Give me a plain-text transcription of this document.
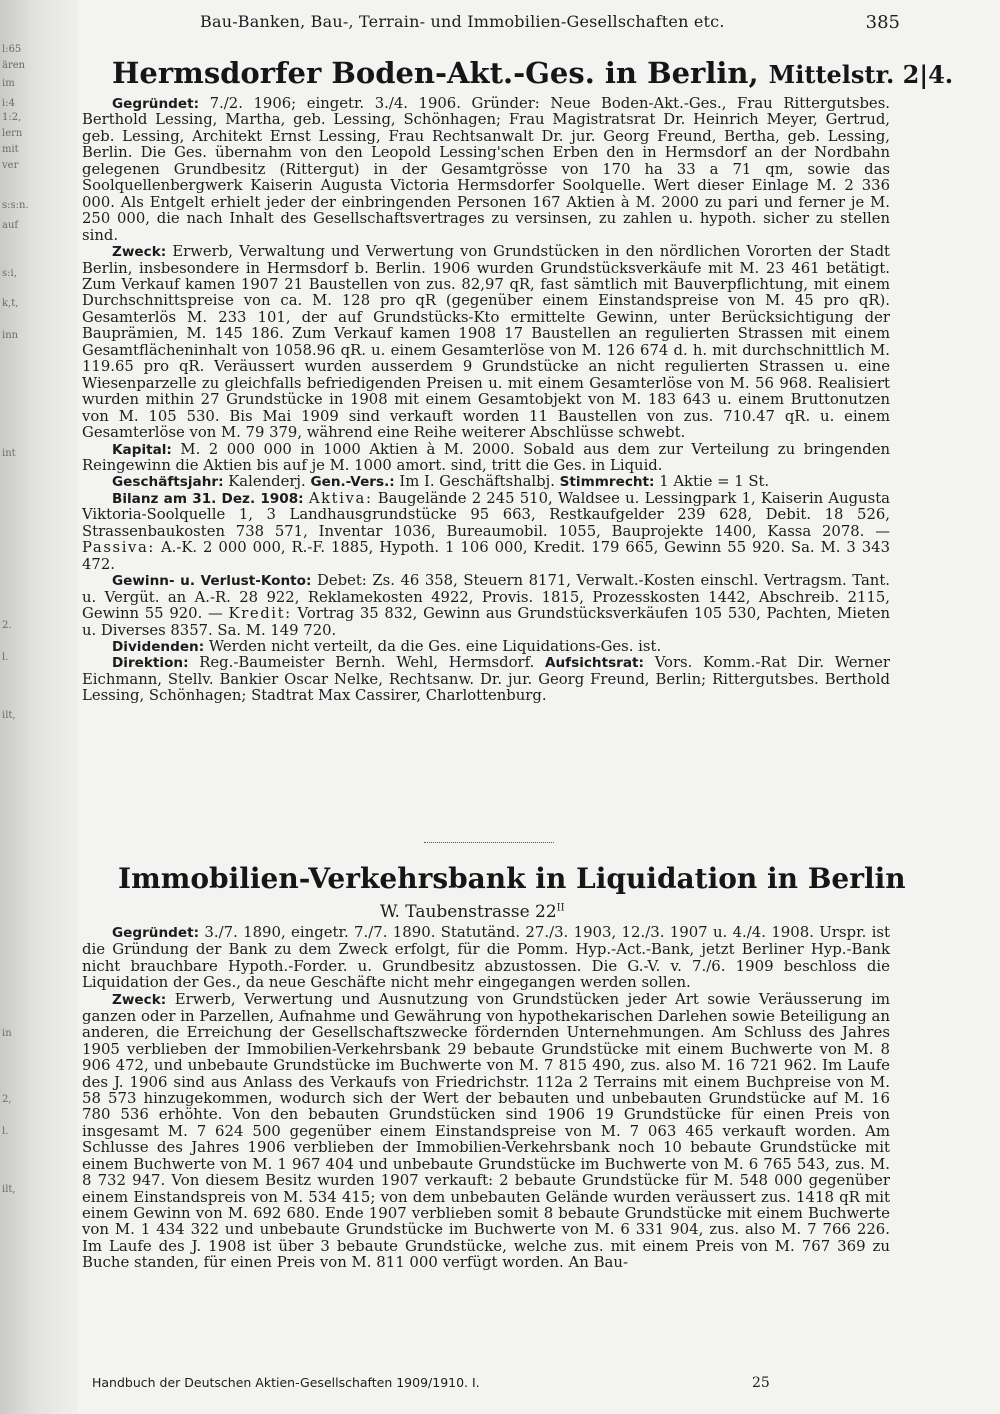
l:65
ären
im
i:4
1:2,
lern
mit
ver
s:s:n.
auf
s:i,
k,t,
inn
int
2.
l.
ilt,
in
2,
l.
ilt,
Bau-Banken, Bau-, Terrain- und Immobilien-Gesellschaften etc.	385
Hermsdorfer Boden-Akt.-Ges. in Berlin, Mittelstr. 2|4.

Gegründet: 7./2. 1906; eingetr. 3./4. 1906. Gründer: Neue Boden-Akt.-Ges., Frau Rittergutsbes. Berthold Lessing, Martha, geb. Lessing, Schönhagen; Frau Magistratsrat Dr. Heinrich Meyer, Gertrud, geb. Lessing, Architekt Ernst Lessing, Frau Rechtsanwalt Dr. jur. Georg Freund, Bertha, geb. Lessing, Berlin. Die Ges. übernahm von den Leopold Lessing'schen Erben den in Hermsdorf an der Nordbahn gelegenen Grundbesitz (Rittergut) in der Gesamtgrösse von 170 ha 33 a 71 qm, sowie das Soolquellenbergwerk Kaiserin Augusta Victoria Hermsdorfer Soolquelle. Wert dieser Einlage M. 2 336 000. Als Entgelt erhielt jeder der einbringenden Personen 167 Aktien à M. 2000 zu pari und ferner je M. 250 000, die nach Inhalt des Gesellschaftsvertrages zu versinsen, zu zahlen u. hypoth. sicher zu stellen sind.

Zweck: Erwerb, Verwaltung und Verwertung von Grundstücken in den nördlichen Vororten der Stadt Berlin, insbesondere in Hermsdorf b. Berlin. 1906 wurden Grundstücksverkäufe mit M. 23 461 betätigt. Zum Verkauf kamen 1907 21 Baustellen von zus. 82,97 qR, fast sämtlich mit Bauverpflichtung, mit einem Durchschnittspreise von ca. M. 128 pro qR (gegenüber einem Einstandspreise von M. 45 pro qR). Gesamterlös M. 233 101, der auf Grundstücks-Kto ermittelte Gewinn, unter Berücksichtigung der Bauprämien, M. 145 186. Zum Verkauf kamen 1908 17 Baustellen an regulierten Strassen mit einem Gesamtflächeninhalt von 1058.96 qR. u. einem Gesamterlöse von M. 126 674 d. h. mit durchschnittlich M. 119.65 pro qR. Veräussert wurden ausserdem 9 Grundstücke an nicht regulierten Strassen u. eine Wiesenparzelle zu gleichfalls befriedigenden Preisen u. mit einem Gesamterlöse von M. 56 968. Realisiert wurden mithin 27 Grundstücke in 1908 mit einem Gesamtobjekt von M. 183 643 u. einem Bruttonutzen von M. 105 530. Bis Mai 1909 sind verkauft worden 11 Baustellen von zus. 710.47 qR. u. einem Gesamterlöse von M. 79 379, während eine Reihe weiterer Abschlüsse schwebt.

Kapital: M. 2 000 000 in 1000 Aktien à M. 2000. Sobald aus dem zur Verteilung zu bringenden Reingewinn die Aktien bis auf je M. 1000 amort. sind, tritt die Ges. in Liquid.

Geschäftsjahr: Kalenderj. Gen.-Vers.: Im I. Geschäftshalbj. Stimmrecht: 1 Aktie = 1 St.

Bilanz am 31. Dez. 1908: Aktiva: Baugelände 2 245 510, Waldsee u. Lessingpark 1, Kaiserin Augusta Viktoria-Soolquelle 1, 3 Landhausgrundstücke 95 663, Restkaufgelder 239 628, Debit. 18 526, Strassenbaukosten 738 571, Inventar 1036, Bureaumobil. 1055, Bauprojekte 1400, Kassa 2078. — Passiva: A.-K. 2 000 000, R.-F. 1885, Hypoth. 1 106 000, Kredit. 179 665, Gewinn 55 920. Sa. M. 3 343 472.

Gewinn- u. Verlust-Konto: Debet: Zs. 46 358, Steuern 8171, Verwalt.-Kosten einschl. Vertragsm. Tant. u. Vergüt. an A.-R. 28 922, Reklamekosten 4922, Provis. 1815, Prozesskosten 1442, Abschreib. 2115, Gewinn 55 920. — Kredit: Vortrag 35 832, Gewinn aus Grundstücksverkäufen 105 530, Pachten, Mieten u. Diverses 8357. Sa. M. 149 720.

Dividenden: Werden nicht verteilt, da die Ges. eine Liquidations-Ges. ist.

Direktion: Reg.-Baumeister Bernh. Wehl, Hermsdorf. Aufsichtsrat: Vors. Komm.-Rat Dir. Werner Eichmann, Stellv. Bankier Oscar Nelke, Rechtsanw. Dr. jur. Georg Freund, Berlin; Rittergutsbes. Berthold Lessing, Schönhagen; Stadtrat Max Cassirer, Charlottenburg.

Immobilien-Verkehrsbank in Liquidation in Berlin
W. Taubenstrasse $22^{II}$

Gegründet: 3./7. 1890, eingetr. 7./7. 1890. Statutänd. 27./3. 1903, 12./3. 1907 u. 4./4. 1908. Urspr. ist die Gründung der Bank zu dem Zweck erfolgt, für die Pomm. Hyp.-Act.-Bank, jetzt Berliner Hyp.-Bank nicht brauchbare Hypoth.-Forder. u. Grundbesitz abzustossen. Die G.-V. v. 7./6. 1909 beschloss die Liquidation der Ges., da neue Geschäfte nicht mehr eingegangen werden sollen.

Zweck: Erwerb, Verwertung und Ausnutzung von Grundstücken jeder Art sowie Veräusserung im ganzen oder in Parzellen, Aufnahme und Gewährung von hypothekarischen Darlehen sowie Beteiligung an anderen, die Erreichung der Gesellschaftszwecke fördernden Unternehmungen. Am Schluss des Jahres 1905 verblieben der Immobilien-Verkehrsbank 29 bebaute Grundstücke mit einem Buchwerte von M. 8 906 472, und unbebaute Grundstücke im Buchwerte von M. 7 815 490, zus. also M. 16 721 962. Im Laufe des J. 1906 sind aus Anlass des Verkaufs von Friedrichstr. 112a 2 Terrains mit einem Buchpreise von M. 58 573 hinzugekommen, wodurch sich der Wert der bebauten und unbebauten Grundstücke auf M. 16 780 536 erhöhte. Von den bebauten Grundstücken sind 1906 19 Grundstücke für einen Preis von insgesamt M. 7 624 500 gegenüber einem Einstandspreise von M. 7 063 465 verkauft worden. Am Schlusse des Jahres 1906 verblieben der Immobilien-Verkehrsbank noch 10 bebaute Grundstücke mit einem Buchwerte von M. 1 967 404 und unbebaute Grundstücke im Buchwerte von M. 6 765 543, zus. M. 8 732 947. Von diesem Besitz wurden 1907 verkauft: 2 bebaute Grundstücke für M. 548 000 gegenüber einem Einstandspreis von M. 534 415; von dem unbebauten Gelände wurden veräussert zus. 1418 qR mit einem Gewinn von M. 692 680. Ende 1907 verblieben somit 8 bebaute Grundstücke mit einem Buchwerte von M. 1 434 322 und unbebaute Grundstücke im Buchwerte von M. 6 331 904, zus. also M. 7 766 226. Im Laufe des J. 1908 ist über 3 bebaute Grundstücke, welche zus. mit einem Preis von M. 767 369 zu Buche standen, für einen Preis von M. 811 000 verfügt worden. An Bau-

Handbuch der Deutschen Aktien-Gesellschaften 1909/1910. I.	25
